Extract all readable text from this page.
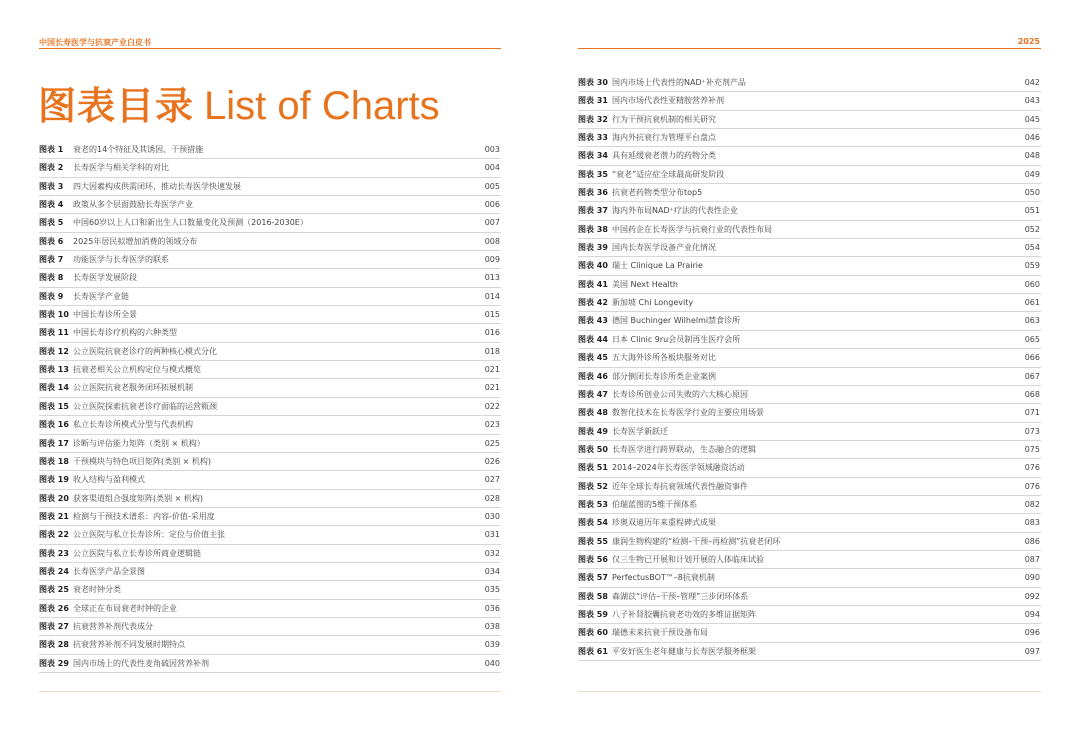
中国长寿医学与抗衰产业白皮书	2025
图表目录 List of Charts
图表 1 衰老的14个特征及其诱因、干预措施	003
图表 2 长寿医学与相关学科的对比	004
图表 3 四大因素构成供需闭环，推动长寿医学快速发展	005
图表 4 政策从多个层面鼓励长寿医学产业	006
图表 5 中国60岁以上人口和新出生人口数量变化及预测（2016-2030E）	007
图表 6 2025年居民拟增加消费的领域分布	008
图表 7 功能医学与长寿医学的联系	009
图表 8 长寿医学发展阶段	013
图表 9 长寿医学产业链	014
图表 10 中国长寿诊所全景	015
图表 11 中国长寿诊疗机构的六种类型	016
图表 12 公立医院抗衰老诊疗的两种核心模式分化	018
图表 13 抗衰老相关公立机构定位与模式概览	021
图表 14 公立医院抗衰老服务闭环拓展机制	021
图表 15 公立医院探索抗衰老诊疗面临的运营瓶颈	022
图表 16 私立长寿诊所模式分型与代表机构	023
图表 17 诊断与评估能力矩阵（类别 × 机构）	025
图表 18 干预模块与特色项目矩阵(类别 × 机构)	026
图表 19 收入结构与盈利模式	027
图表 20 获客渠道组合强度矩阵(类别 × 机构)	028
图表 21 检测与干预技术谱系：内容-价值-采用度	030
图表 22 公立医院与私立长寿诊所：定位与价值主张	031
图表 23 公立医院与私立长寿诊所商业逻辑链	032
图表 24 长寿医学产品全景图	034
图表 25 衰老时钟分类	035
图表 26 全球正在布局衰老时钟的企业	036
图表 27 抗衰营养补剂代表成分	038
图表 28 抗衰营养补剂不同发展时期特点	039
图表 29 国内市场上的代表性麦角硫因营养补剂	040
图表 30 国内市场上代表性的NAD⁺补充剂产品	042
图表 31 国内市场代表性亚精胺营养补剂	043
图表 32 行为干预抗衰机制的相关研究	045
图表 33 海内外抗衰行为管理平台盘点	046
图表 34 具有延缓衰老潜力的药物分类	048
图表 35 “衰老”适应症全球最高研发阶段	049
图表 36 抗衰老药物类型分布top5	050
图表 37 海内外布局NAD⁺疗法的代表性企业	051
图表 38 中国药企在长寿医学与抗衰行业的代表性布局	052
图表 39 国内长寿医学设备产业化情况	054
图表 40 瑞士 Clinique La Prairie	059
图表 41 美国 Next Health	060
图表 42 新加坡 Chi Longevity	061
图表 43 德国 Buchinger Wilhelmi禁食诊所	063
图表 44 日本 Clinic 9ru会员制再生医疗会所	065
图表 45 五大海外诊所各板块服务对比	066
图表 46 部分倒闭长寿诊所类企业案例	067
图表 47 长寿诊所创业公司失败的六大核心原因	068
图表 48 数智化技术在长寿医学行业的主要应用场景	071
图表 49 长寿医学新跃迁	073
图表 50 长寿医学进行跨界联动，生态融合的逻辑	075
图表 51 2014–2024年长寿医学领域融资活动	076
图表 52 近年全球长寿抗衰领域代表性融资事件	076
图表 53 伯瑞蓝图的5维干预体系	082
图表 54 珍奥双迪历年来重程碑式成果	083
图表 55 康润生物构建的“检测–干预–再检测”抗衰老闭环	086
图表 56 仅三生物已开展和计划开展的人体临床试验	087
图表 57 PerfectusBOT™–8抗衰机制	090
图表 58 森湖苡“评估–干预–管理”三步闭环体系	092
图表 59 八子补肾胶囊抗衰老功效的多维证据矩阵	094
图表 60 瑞德未来抗衰干预设备布局	096
图表 61 平安好医生老年健康与长寿医学服务框架	097
